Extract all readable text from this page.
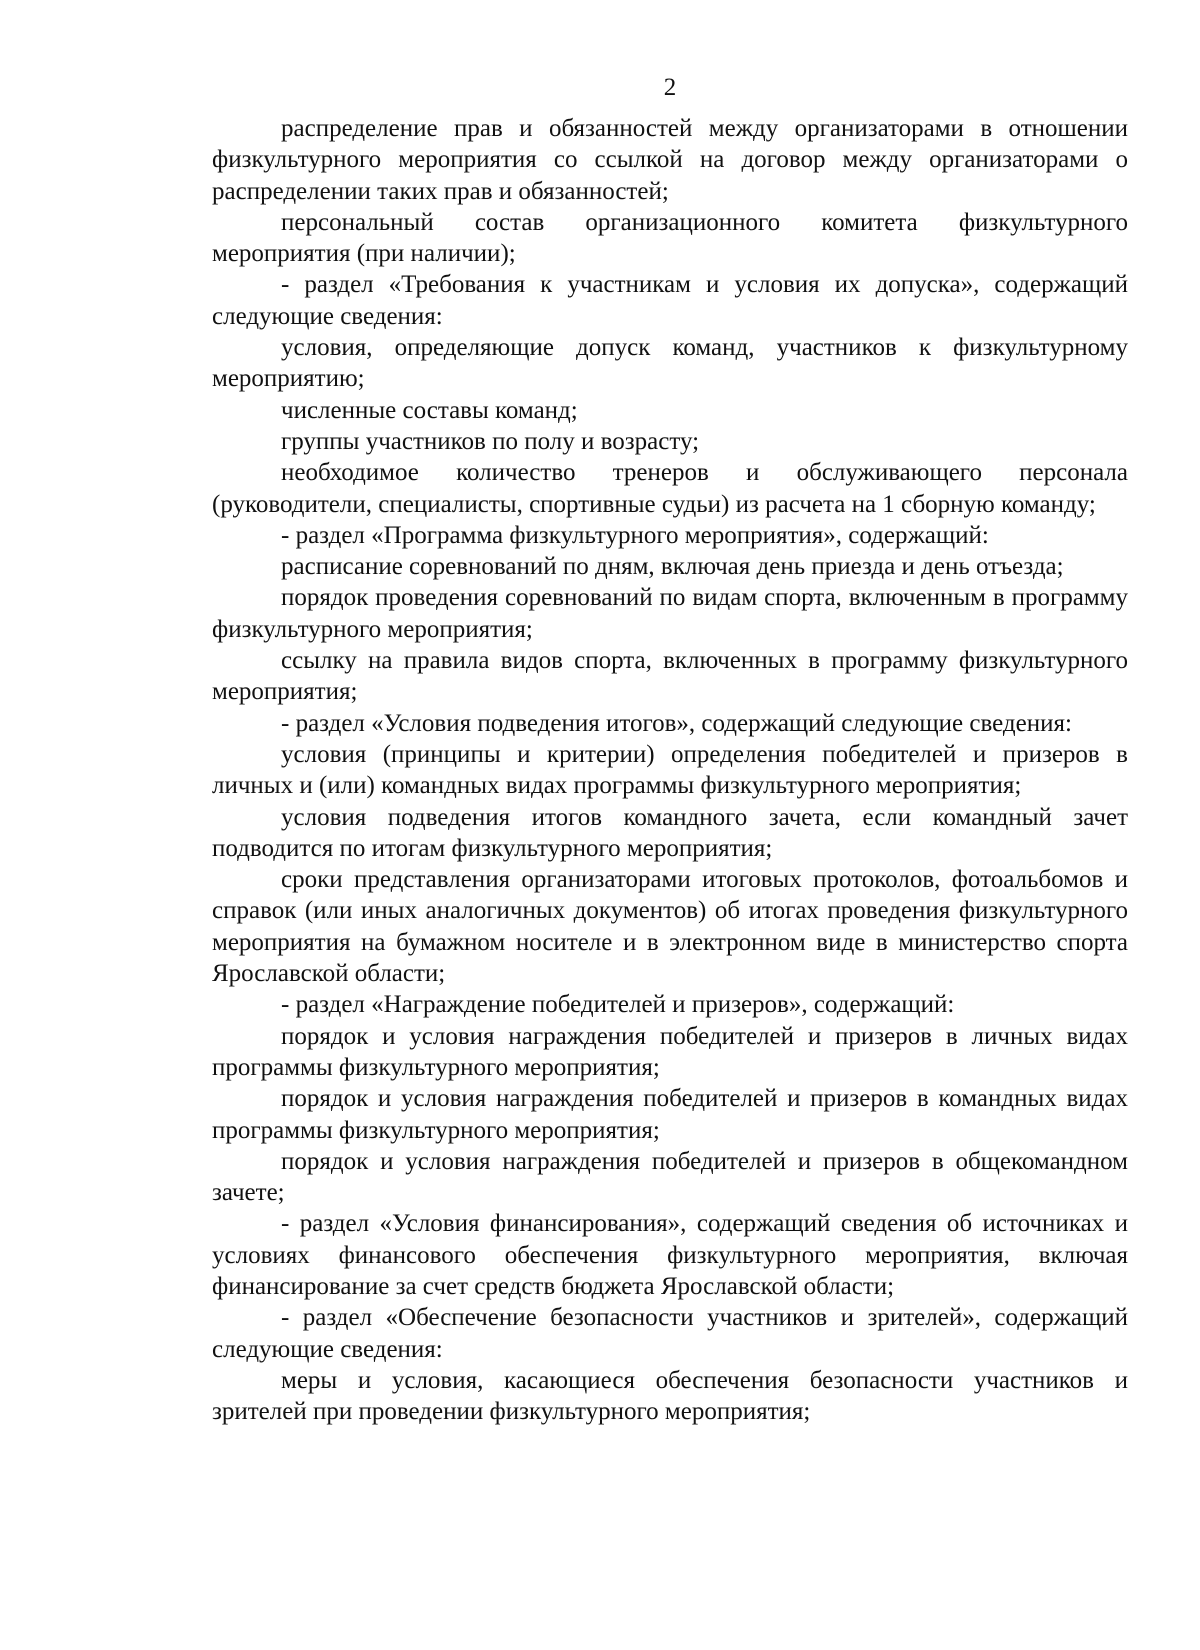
2

распределение прав и обязанностей между организаторами в отношении физкультурного мероприятия со ссылкой на договор между организаторами о распределении таких прав и обязанностей;

персональный состав организационного комитета физкультурного мероприятия (при наличии);

- раздел «Требования к участникам и условия их допуска», содержащий следующие сведения:

условия, определяющие допуск команд, участников к физкультурному мероприятию;

численные составы команд;

группы участников по полу и возрасту;

необходимое количество тренеров и обслуживающего персонала (руководители, специалисты, спортивные судьи) из расчета на 1 сборную команду;

- раздел «Программа физкультурного мероприятия», содержащий:

расписание соревнований по дням, включая день приезда и день отъезда;

порядок проведения соревнований по видам спорта, включенным в программу физкультурного мероприятия;

ссылку на правила видов спорта, включенных в программу физкультурного мероприятия;

- раздел «Условия подведения итогов», содержащий следующие сведения:

условия (принципы и критерии) определения победителей и призеров в личных и (или) командных видах программы физкультурного мероприятия;

условия подведения итогов командного зачета, если командный зачет подводится по итогам физкультурного мероприятия;

сроки представления организаторами итоговых протоколов, фотоальбомов и справок (или иных аналогичных документов) об итогах проведения физкультурного мероприятия на бумажном носителе и в электронном виде в министерство спорта Ярославской области;

- раздел «Награждение победителей и призеров», содержащий:

порядок и условия награждения победителей и призеров в личных видах программы физкультурного мероприятия;

порядок и условия награждения победителей и призеров в командных видах программы физкультурного мероприятия;

порядок и условия награждения победителей и призеров в общекомандном зачете;

- раздел «Условия финансирования», содержащий сведения об источниках и условиях финансового обеспечения физкультурного мероприятия, включая финансирование за счет средств бюджета Ярославской области;

- раздел «Обеспечение безопасности участников и зрителей», содержащий следующие сведения:

меры и условия, касающиеся обеспечения безопасности участников и зрителей при проведении физкультурного мероприятия;
